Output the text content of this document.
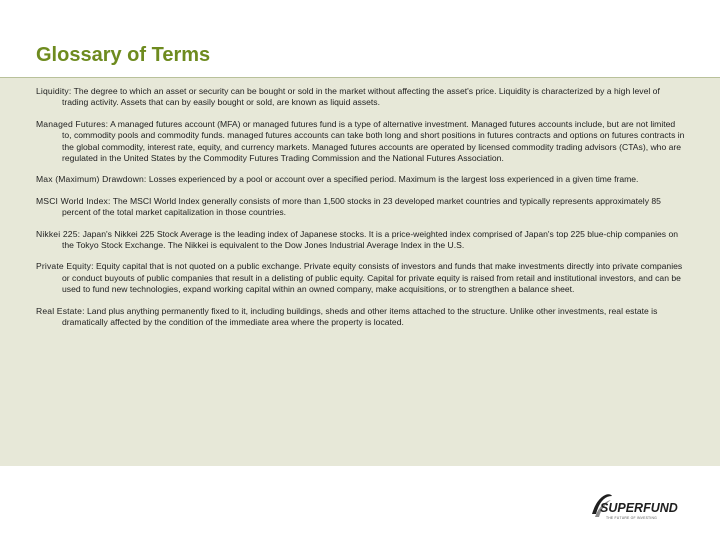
Glossary of Terms

Liquidity: The degree to which an asset or security can be bought or sold in the market without affecting the asset's price. Liquidity is characterized by a high level of trading activity. Assets that can by easily bought or sold, are known as liquid assets.

Managed Futures: A managed futures account (MFA) or managed futures fund is a type of alternative investment. Managed futures accounts include, but are not limited to, commodity pools and commodity funds. managed futures accounts can take both long and short positions in futures contracts and options on futures contracts in the global commodity, interest rate, equity, and currency markets. Managed futures accounts are operated by licensed commodity trading advisors (CTAs), who are regulated in the United States by the Commodity Futures Trading Commission and the National Futures Association.

Max (Maximum) Drawdown: Losses experienced by a pool or account over a specified period. Maximum is the largest loss experienced in a given time frame.

MSCI World Index: The MSCI World Index generally consists of more than 1,500 stocks in 23 developed market countries and typically represents approximately 85 percent of the total market capitalization in those countries.

Nikkei 225: Japan's Nikkei 225 Stock Average is the leading index of Japanese stocks. It is a price-weighted index comprised of Japan's top 225 blue-chip companies on the Tokyo Stock Exchange. The Nikkei is equivalent to the Dow Jones Industrial Average Index in the U.S.

Private Equity: Equity capital that is not quoted on a public exchange. Private equity consists of investors and funds that make investments directly into private companies or conduct buyouts of public companies that result in a delisting of public equity. Capital for private equity is raised from retail and institutional investors, and can be used to fund new technologies, expand working capital within an owned company, make acquisitions, or to strengthen a balance sheet.

Real Estate: Land plus anything permanently fixed to it, including buildings, sheds and other items attached to the structure. Unlike other investments, real estate is dramatically affected by the condition of the immediate area where the property is located.

SUPERFUND
THE FUTURE OF INVESTING
